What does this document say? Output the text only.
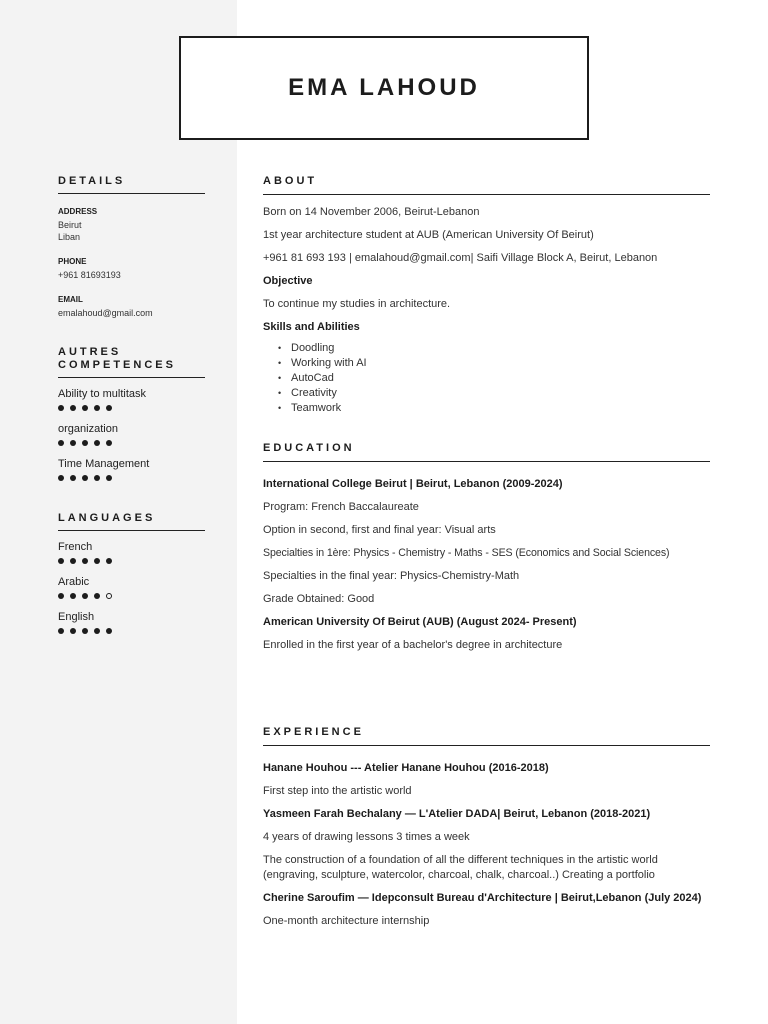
EMA LAHOUD
DETAILS
ADDRESS
Beirut
Liban
PHONE
+961 81693193
EMAIL
emalahoud@gmail.com
AUTRES
COMPETENCES
Ability to multitask
organization
Time Management
LANGUAGES
French
Arabic
English
ABOUT

Born on 14 November 2006, Beirut-Lebanon

1st year architecture student at AUB (American University Of Beirut)

+961 81 693 193 | emalahoud@gmail.com| Saifi Village Block A, Beirut, Lebanon

Objective

To continue my studies in architecture.

Skills and Abilities

• Doodling
• Working with AI
• AutoCad
• Creativity
• Teamwork
EDUCATION

International College Beirut | Beirut, Lebanon (2009-2024)

Program: French Baccalaureate

Option in second, first and final year: Visual arts

Specialties in 1ère: Physics - Chemistry - Maths - SES (Economics and Social Sciences)

Specialties in the final year: Physics-Chemistry-Math

Grade Obtained: Good

American University Of Beirut (AUB) (August 2024- Present)

Enrolled in the first year of a bachelor's degree in architecture

EXPERIENCE

Hanane Houhou --- Atelier Hanane Houhou (2016-2018)

First step into the artistic world

Yasmeen Farah Bechalany — L'Atelier DADA| Beirut, Lebanon (2018-2021)

4 years of drawing lessons 3 times a week

The construction of a foundation of all the different techniques in the artistic world (engraving, sculpture, watercolor, charcoal, chalk, charcoal..) Creating a portfolio

Cherine Saroufim — Idepconsult Bureau d'Architecture | Beirut,Lebanon (July 2024)

One-month architecture internship
